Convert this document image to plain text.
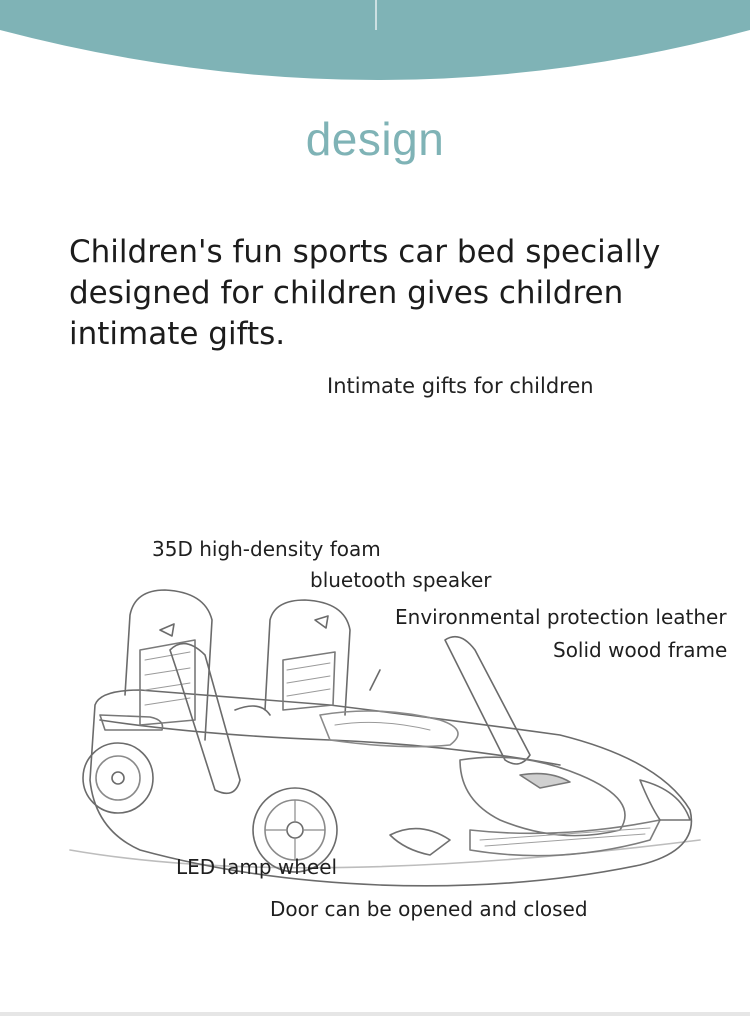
design
Children's fun sports car bed specially designed for children gives children intimate gifts.
Intimate gifts for children
35D high-density foam
bluetooth speaker
Environmental protection leather
Solid wood frame
LED lamp wheel
Door can be opened and closed
